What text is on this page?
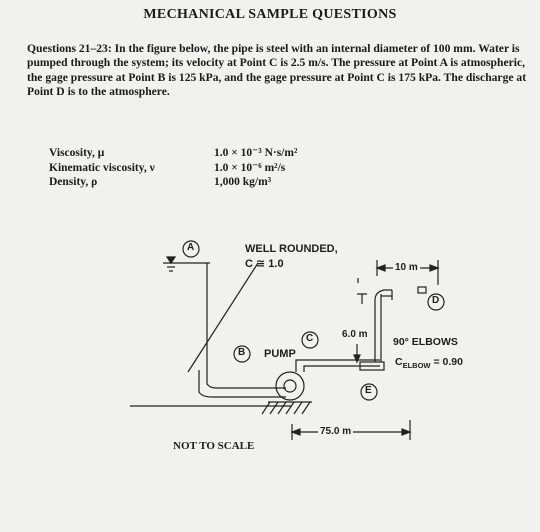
MECHANICAL SAMPLE QUESTIONS
Questions 21–23: In the figure below, the pipe is steel with an internal diameter of 100 mm. Water is pumped through the system; its velocity at Point C is 2.5 m/s. The pressure at Point A is atmospheric, the gage pressure at Point B is 125 kPa, and the gage pressure at Point C is 175 kPa. The discharge at Point D is to the atmosphere.
Viscosity, μ	1.0 × 10⁻³ N·s/m²
Kinematic viscosity, ν	1.0 × 10⁻⁶ m²/s
Density, ρ	1,000 kg/m³
A
B
C
D
E
WELL ROUNDED,
C ≅ 1.0
PUMP
10 m
6.0 m
75.0 m
90° ELBOWS
$C_{ELBOW} = 0.90$
NOT TO SCALE
